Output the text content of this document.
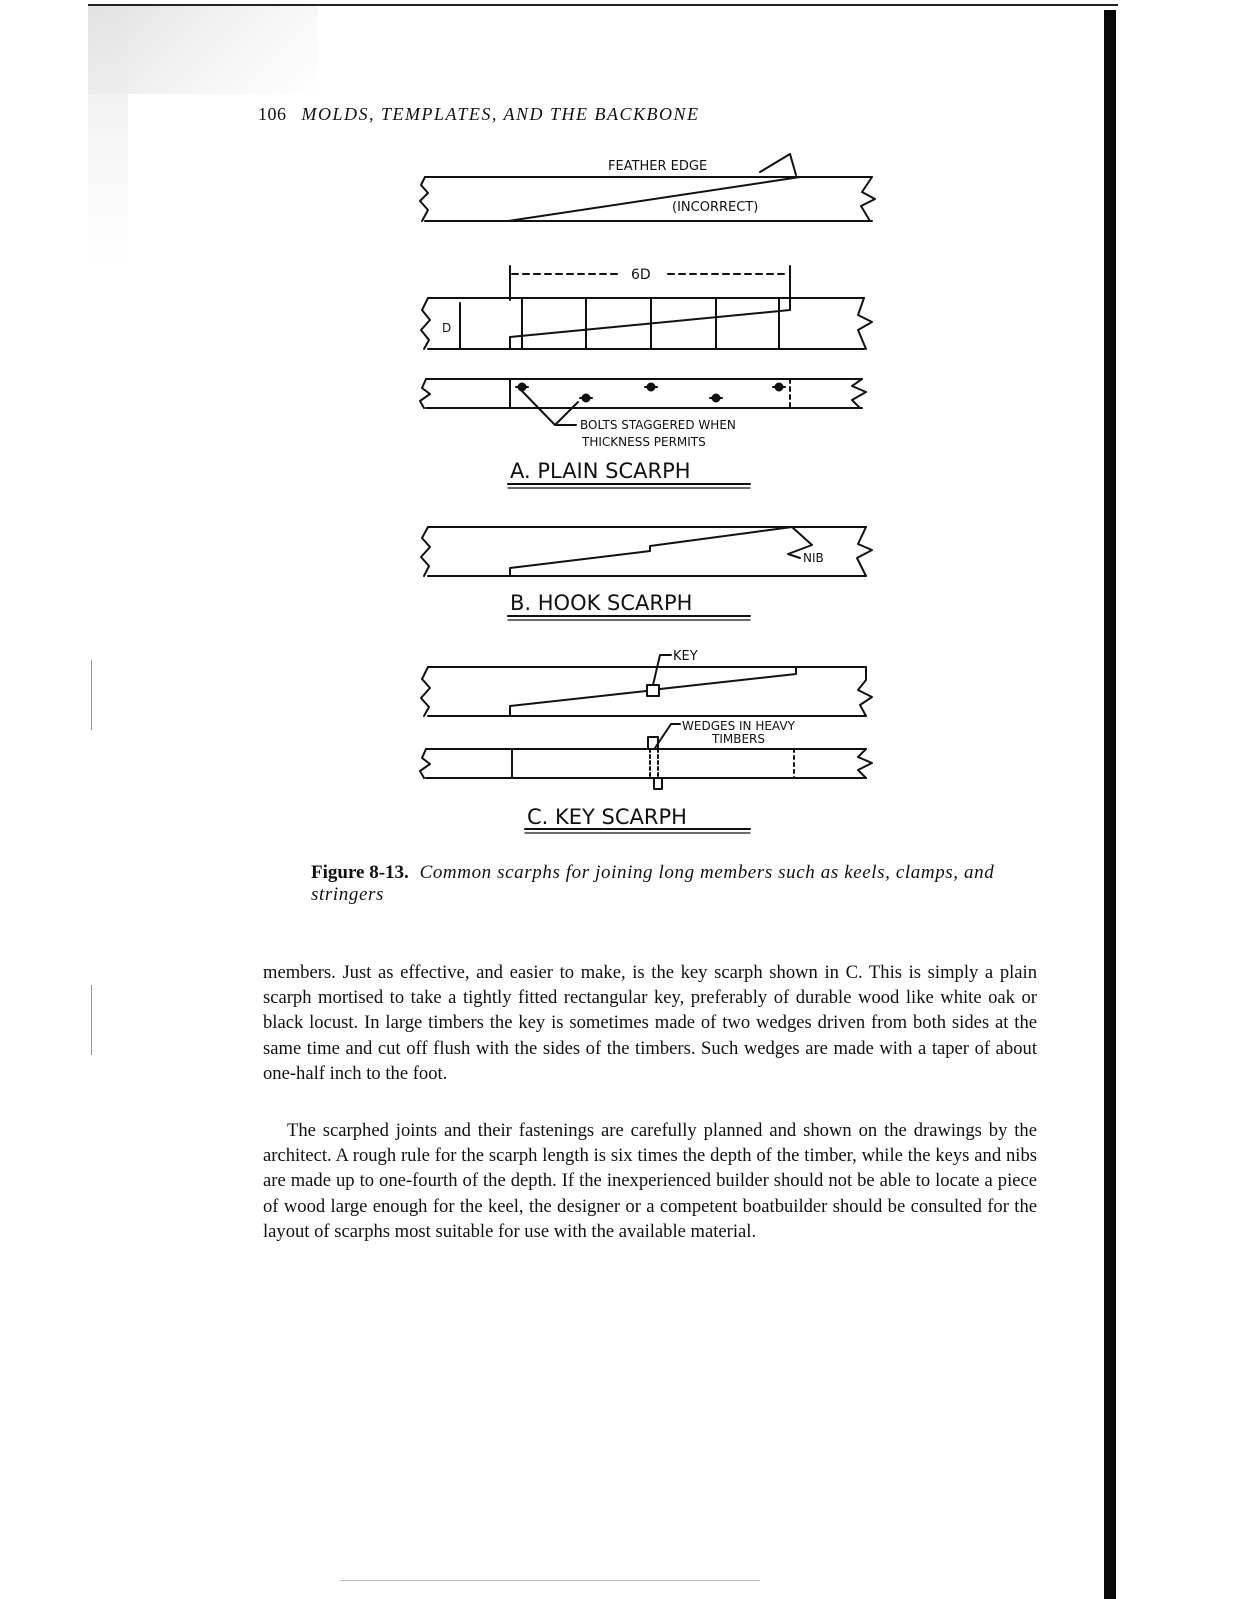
106 MOLDS, TEMPLATES, AND THE BACKBONE
FEATHER EDGE
(INCORRECT)
6D
D
BOLTS STAGGERED WHEN
THICKNESS PERMITS
A. PLAIN SCARPH
NIB
B. HOOK SCARPH
KEY
WEDGES IN HEAVY
TIMBERS
C. KEY SCARPH
Figure 8-13. Common scarphs for joining long members such as keels, clamps, and stringers

members. Just as effective, and easier to make, is the key scarph shown in C. This is simply a plain scarph mortised to take a tightly fitted rectangular key, preferably of durable wood like white oak or black locust. In large timbers the key is sometimes made of two wedges driven from both sides at the same time and cut off flush with the sides of the timbers. Such wedges are made with a taper of about one-half inch to the foot.

The scarphed joints and their fastenings are carefully planned and shown on the drawings by the architect. A rough rule for the scarph length is six times the depth of the timber, while the keys and nibs are made up to one-fourth of the depth. If the inexperienced builder should not be able to locate a piece of wood large enough for the keel, the designer or a competent boatbuilder should be consulted for the layout of scarphs most suitable for use with the available material.
